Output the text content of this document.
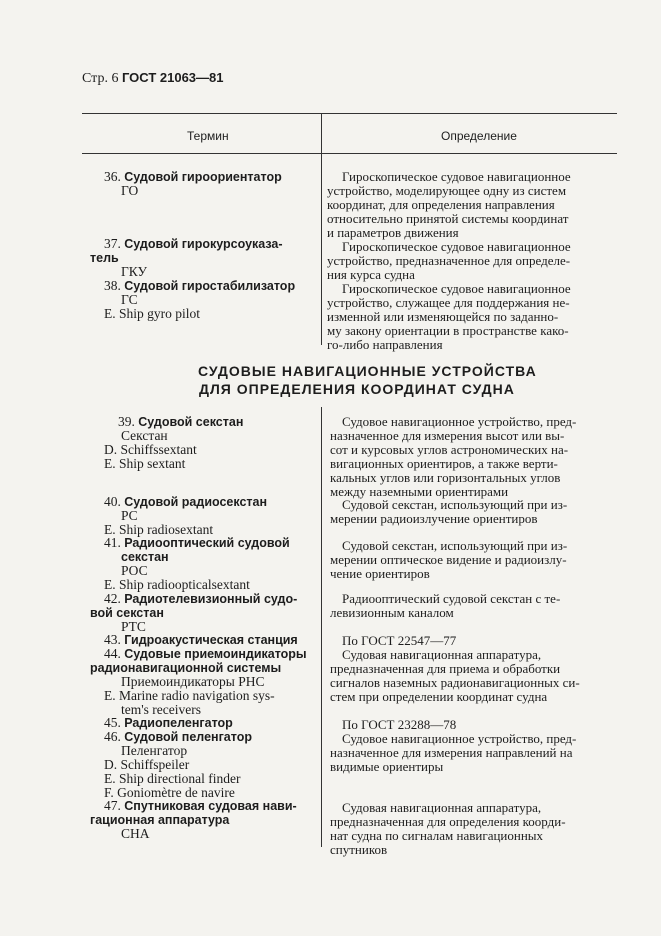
Стр. 6 ГОСТ 21063—81
Термин	Определение
36. Судовой гироориентатор
ГО
37. Судовой гирокурсоуказа-
тель
ГКУ
38. Судовой гиростабилизатор
ГС
E. Ship gyro pilot
СУДОВЫЕ НАВИГАЦИОННЫЕ УСТРОЙСТВА
ДЛЯ ОПРЕДЕЛЕНИЯ КООРДИНАТ СУДНА
39. Судовой секстан
Секстан
D. Schiffssextant
E. Ship sextant
40. Судовой радиосекстан
РС
E. Ship radiosextant
41. Радиооптический судовой
секстан
РОС
E. Ship radioopticalsextant
42. Радиотелевизионный судо-
вой секстан
РТС
43. Гидроакустическая станция
44. Судовые приемоиндикаторы
радионавигационной системы
Приемоиндикаторы РНС
E. Marine radio navigation sys-
tem's receivers
45. Радиопеленгатор
46. Судовой пеленгатор
Пеленгатор
D. Schiffspeiler
E. Ship directional finder
F. Goniomètre de navire
47. Спутниковая судовая нави-
гационная аппаратура
СНА
Гироскопическое судовое навигационное
устройство, моделирующее одну из систем
координат, для определения направления
относительно принятой системы координат
и параметров движения
Гироскопическое судовое навигационное
устройство, предназначенное для определе-
ния курса судна
Гироскопическое судовое навигационное
устройство, служащее для поддержания не-
изменной или изменяющейся по заданно-
му закону ориентации в пространстве како-
го-либо направления
Судовое навигационное устройство, пред-
назначенное для измерения высот или вы-
сот и курсовых углов астрономических на-
вигационных ориентиров, а также верти-
кальных углов или горизонтальных углов
между наземными ориентирами
Судовой секстан, использующий при из-
мерении радиоизлучение ориентиров
Судовой секстан, использующий при из-
мерении оптическое видение и радиоизлу-
чение ориентиров
Радиооптический судовой секстан с те-
левизионным каналом
По ГОСТ 22547—77
Судовая навигационная аппаратура,
предназначенная для приема и обработки
сигналов наземных радионавигационных си-
стем при определении координат судна
По ГОСТ 23288—78
Судовое навигационное устройство, пред-
назначенное для измерения направлений на
видимые ориентиры
Судовая навигационная аппаратура,
предназначенная для определения коорди-
нат судна по сигналам навигационных
спутников
